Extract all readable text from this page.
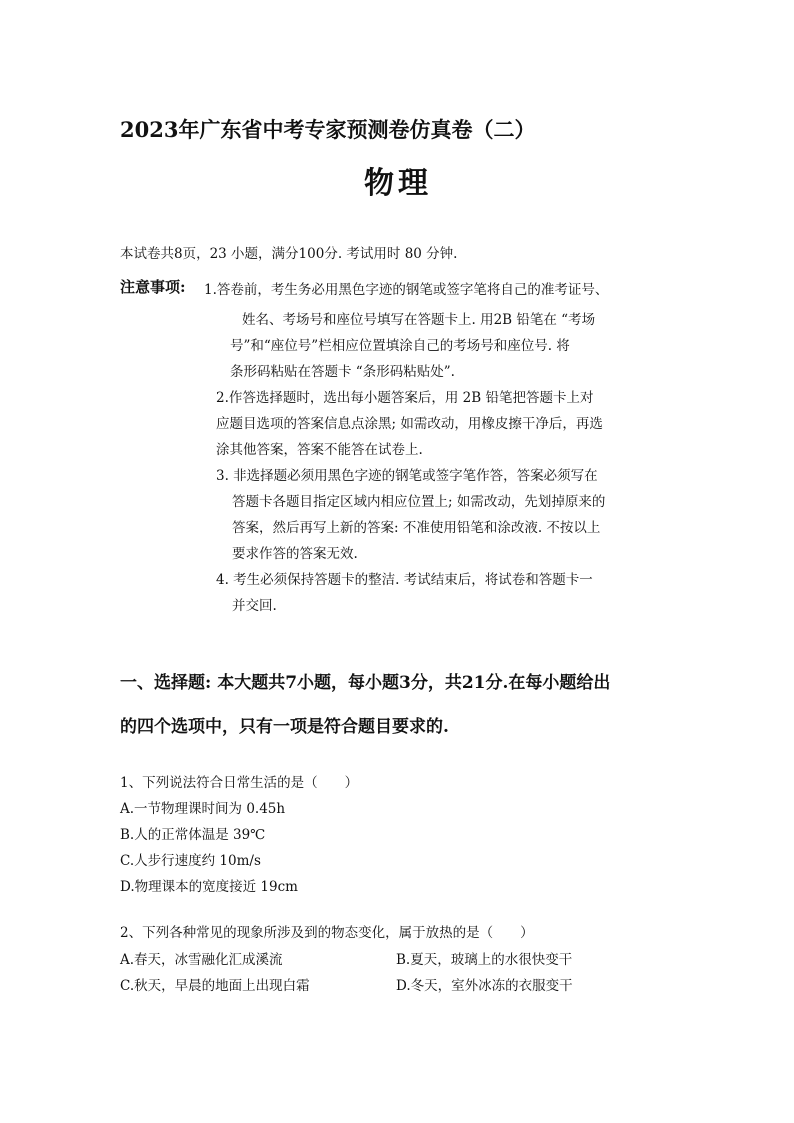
2023年广东省中考专家预测卷仿真卷（二）
物理
本试卷共8页，23 小题，满分100分. 考试用时 80 分钟.
注意事项: 1.答卷前，考生务必用黑色字迹的钢笔或签字笔将自己的准考证号、
姓名、考场号和座位号填写在答题卡上. 用2B 铅笔在 “考场
号”和“座位号”栏相应位置填涂自己的考场号和座位号. 将
条形码粘贴在答题卡 “条形码粘贴处”.
2.作答选择题时，选出每小题答案后，用 2B 铅笔把答题卡上对
应题目选项的答案信息点涂黑; 如需改动，用橡皮擦干净后，再选
涂其他答案，答案不能答在试卷上.
3. 非选择题必须用黑色字迹的钢笔或签字笔作答，答案必须写在
答题卡各题目指定区域内相应位置上; 如需改动，先划掉原来的
答案，然后再写上新的答案: 不准使用铅笔和涂改液. 不按以上
要求作答的答案无效.
4. 考生必须保持答题卡的整洁. 考试结束后，将试卷和答题卡一
并交回.
一、选择题: 本大题共7小题，每小题3分，共21分.在每小题给出
的四个选项中，只有一项是符合题目要求的.
1、下列说法符合日常生活的是（　　）
A.一节物理课时间为 0.45h
B.人的正常体温是 39℃
C.人步行速度约 10m/s
D.物理课本的宽度接近 19cm
2、下列各种常见的现象所涉及到的物态变化，属于放热的是（　　）
A.春天，冰雪融化汇成溪流	B.夏天，玻璃上的水很快变干
C.秋天，早晨的地面上出现白霜	D.冬天，室外冰冻的衣服变干
